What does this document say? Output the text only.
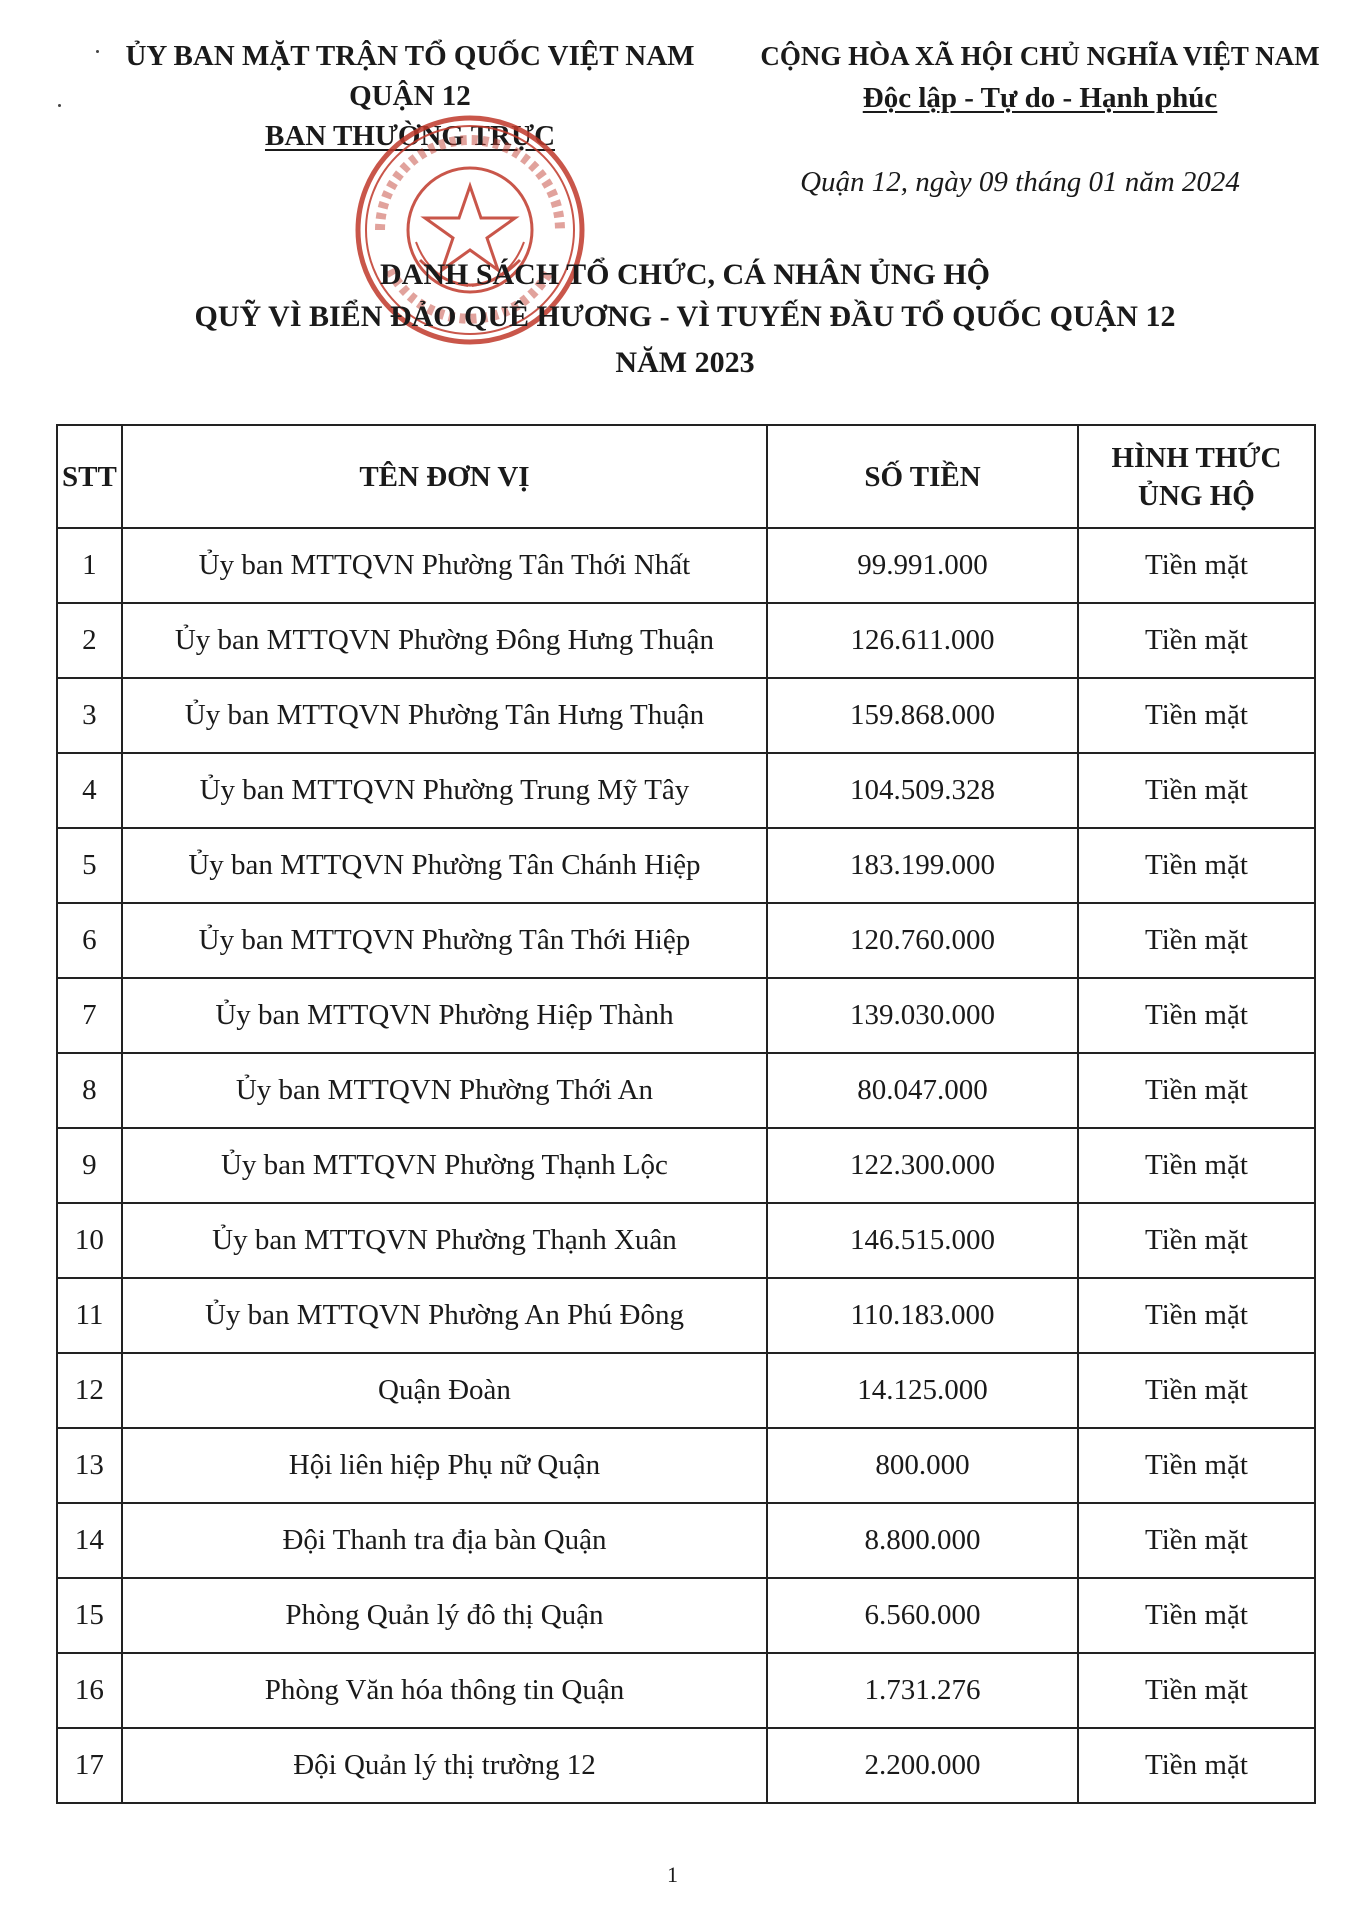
ỦY BAN MẶT TRẬN TỔ QUỐC VIỆT NAM
QUẬN 12
BAN THƯỜNG TRỰC
CỘNG HÒA XÃ HỘI CHỦ NGHĨA VIỆT NAM
Độc lập - Tự do - Hạnh phúc
Quận 12, ngày 09 tháng 01 năm 2024
DANH SÁCH TỔ CHỨC, CÁ NHÂN ỦNG HỘ
QUỸ VÌ BIỂN ĐẢO QUÊ HƯƠNG - VÌ TUYẾN ĐẦU TỔ QUỐC QUẬN 12
NĂM 2023
STT	TÊN ĐƠN VỊ	SỐ TIỀN	HÌNH THỨC
ỦNG HỘ
1	Ủy ban MTTQVN Phường Tân Thới Nhất	99.991.000	Tiền mặt
2	Ủy ban MTTQVN Phường Đông Hưng Thuận	126.611.000	Tiền mặt
3	Ủy ban MTTQVN Phường Tân Hưng Thuận	159.868.000	Tiền mặt
4	Ủy ban MTTQVN Phường Trung Mỹ Tây	104.509.328	Tiền mặt
5	Ủy ban MTTQVN Phường Tân Chánh Hiệp	183.199.000	Tiền mặt
6	Ủy ban MTTQVN Phường Tân Thới Hiệp	120.760.000	Tiền mặt
7	Ủy ban MTTQVN Phường Hiệp Thành	139.030.000	Tiền mặt
8	Ủy ban MTTQVN Phường Thới An	80.047.000	Tiền mặt
9	Ủy ban MTTQVN Phường Thạnh Lộc	122.300.000	Tiền mặt
10	Ủy ban MTTQVN Phường Thạnh Xuân	146.515.000	Tiền mặt
11	Ủy ban MTTQVN Phường An Phú Đông	110.183.000	Tiền mặt
12	Quận Đoàn	14.125.000	Tiền mặt
13	Hội liên hiệp Phụ nữ Quận	800.000	Tiền mặt
14	Đội Thanh tra địa bàn Quận	8.800.000	Tiền mặt
15	Phòng Quản lý đô thị Quận	6.560.000	Tiền mặt
16	Phòng Văn hóa thông tin Quận	1.731.276	Tiền mặt
17	Đội Quản lý thị trường 12	2.200.000	Tiền mặt
1
